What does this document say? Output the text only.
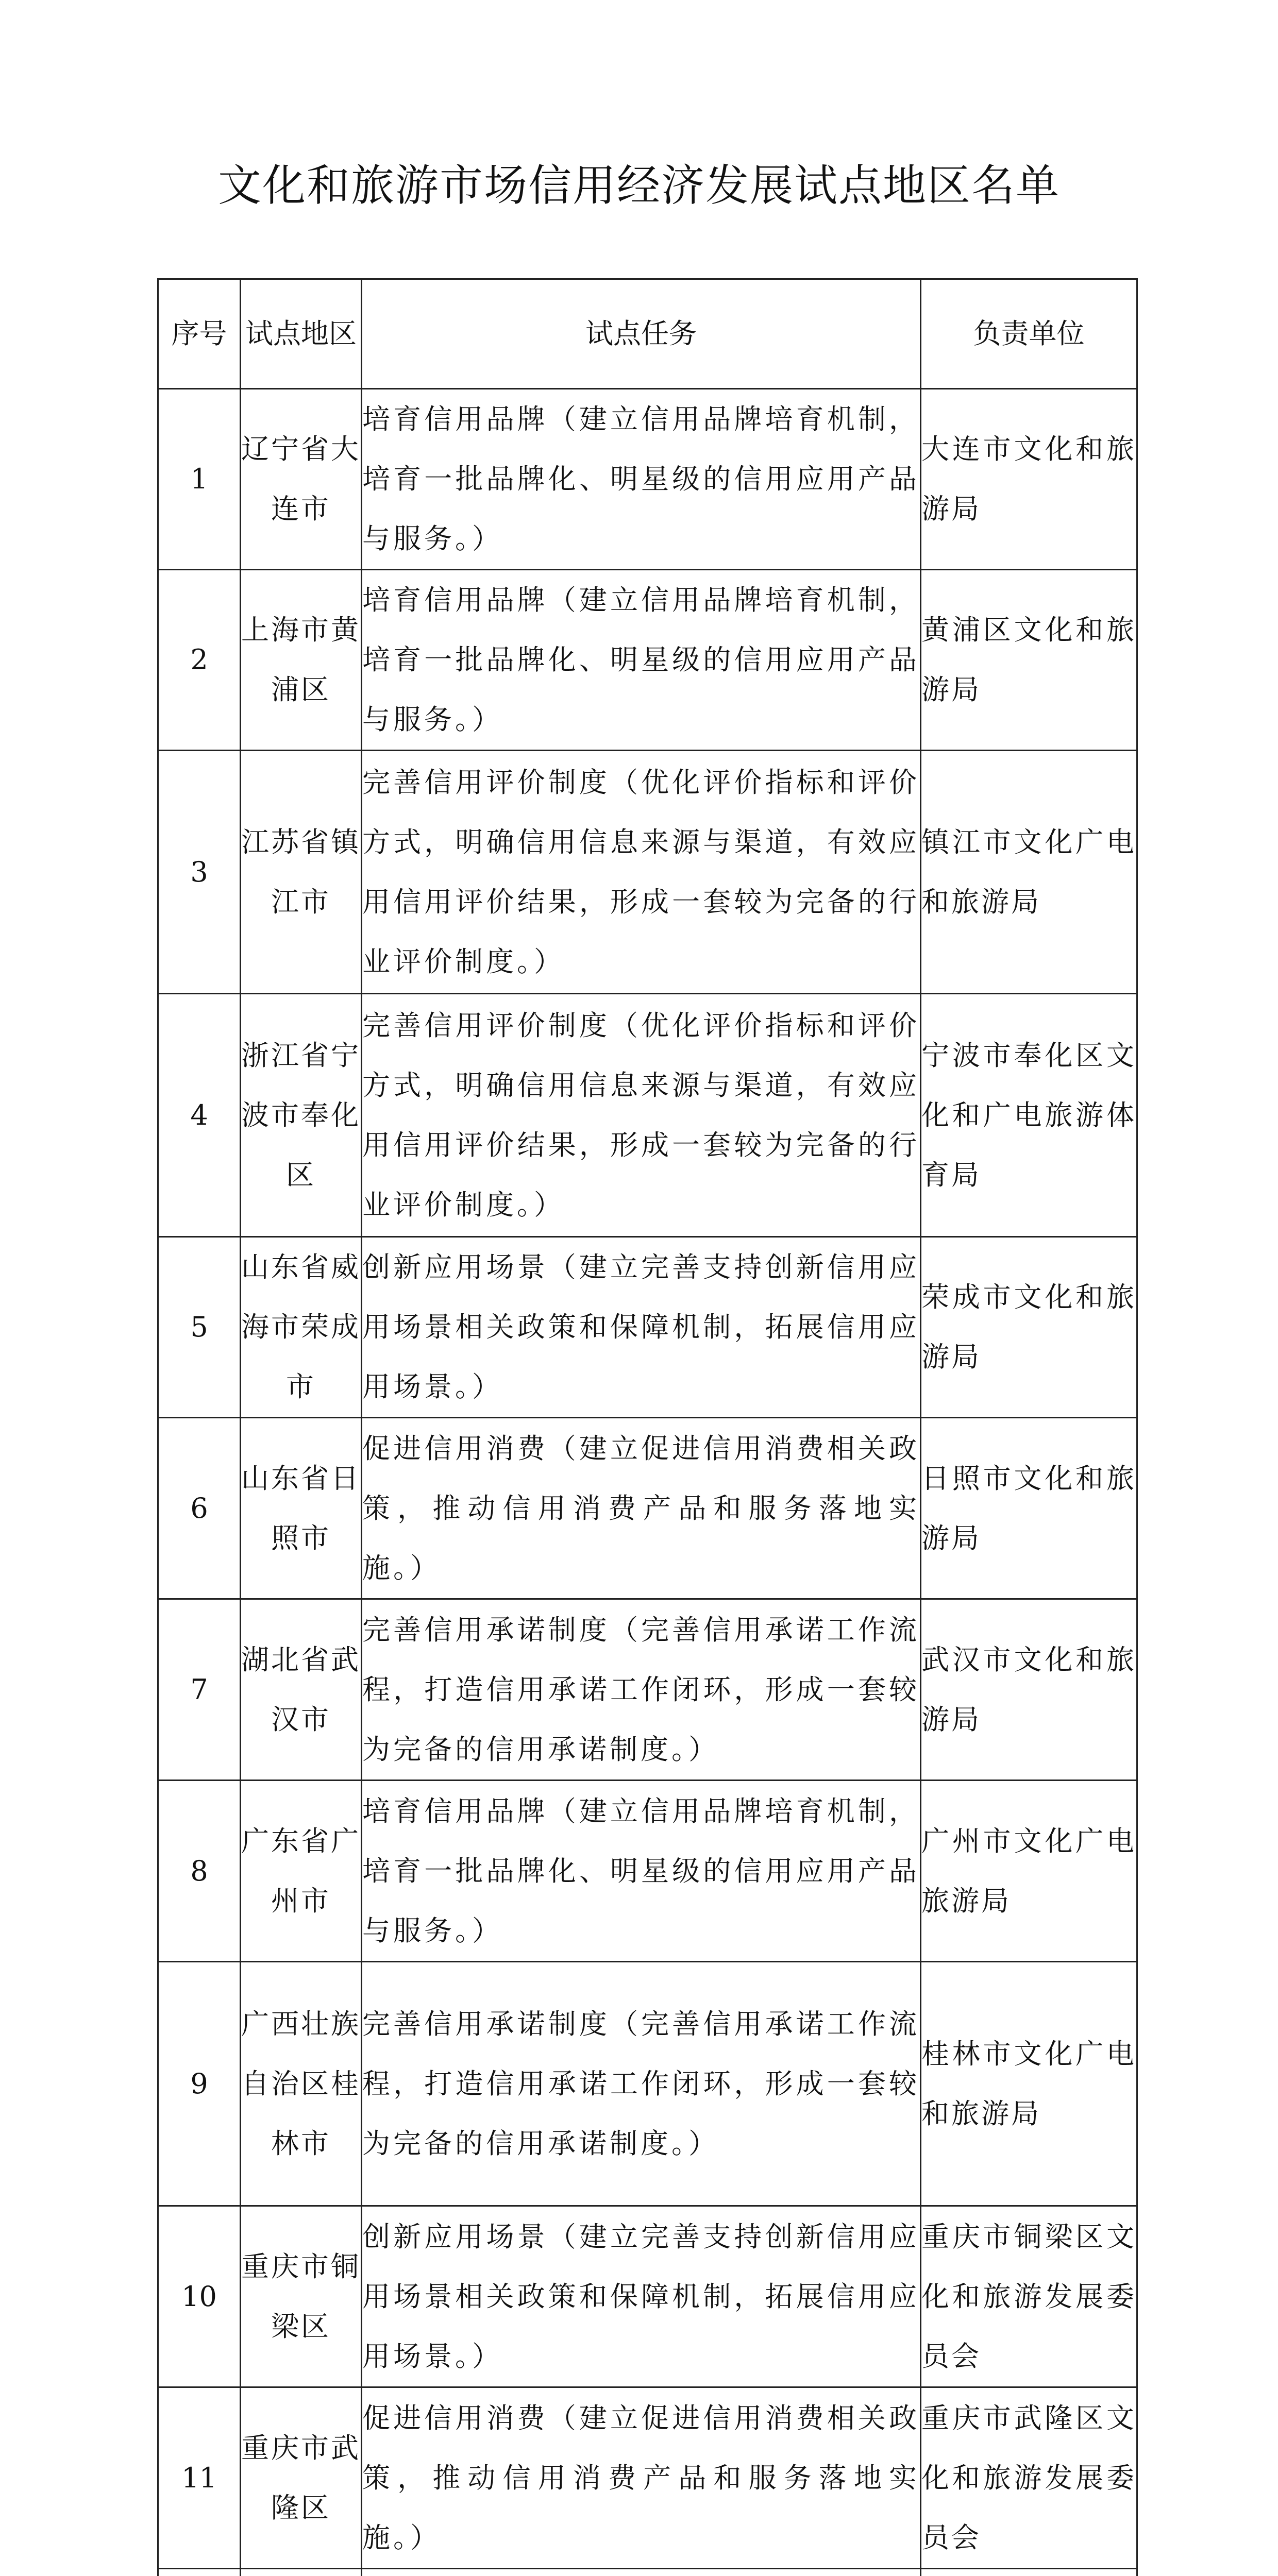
文化和旅游市场信用经济发展试点地区名单
序号	试点地区	试点任务	负责单位
1	辽宁省大连市	培育信用品牌（建立信用品牌培育机制，培育一批品牌化、明星级的信用应用产品与服务。）	大连市文化和旅游局
2	上海市黄浦区	培育信用品牌（建立信用品牌培育机制，培育一批品牌化、明星级的信用应用产品与服务。）	黄浦区文化和旅游局
3	江苏省镇江市	完善信用评价制度（优化评价指标和评价方式，明确信用信息来源与渠道，有效应用信用评价结果，形成一套较为完备的行业评价制度。）	镇江市文化广电和旅游局
4	浙江省宁波市奉化区	完善信用评价制度（优化评价指标和评价方式，明确信用信息来源与渠道，有效应用信用评价结果，形成一套较为完备的行业评价制度。）	宁波市奉化区文化和广电旅游体育局
5	山东省威海市荣成市	创新应用场景（建立完善支持创新信用应用场景相关政策和保障机制，拓展信用应用场景。）	荣成市文化和旅游局
6	山东省日照市	促进信用消费（建立促进信用消费相关政策，推动信用消费产品和服务落地实施。）	日照市文化和旅游局
7	湖北省武汉市	完善信用承诺制度（完善信用承诺工作流程，打造信用承诺工作闭环，形成一套较为完备的信用承诺制度。）	武汉市文化和旅游局
8	广东省广州市	培育信用品牌（建立信用品牌培育机制，培育一批品牌化、明星级的信用应用产品与服务。）	广州市文化广电旅游局
9	广西壮族自治区桂林市	完善信用承诺制度（完善信用承诺工作流程，打造信用承诺工作闭环，形成一套较为完备的信用承诺制度。）	桂林市文化广电和旅游局
10	重庆市铜梁区	创新应用场景（建立完善支持创新信用应用场景相关政策和保障机制，拓展信用应用场景。）	重庆市铜梁区文化和旅游发展委员会
11	重庆市武隆区	促进信用消费（建立促进信用消费相关政策，推动信用消费产品和服务落地实施。）	重庆市武隆区文化和旅游发展委员会
